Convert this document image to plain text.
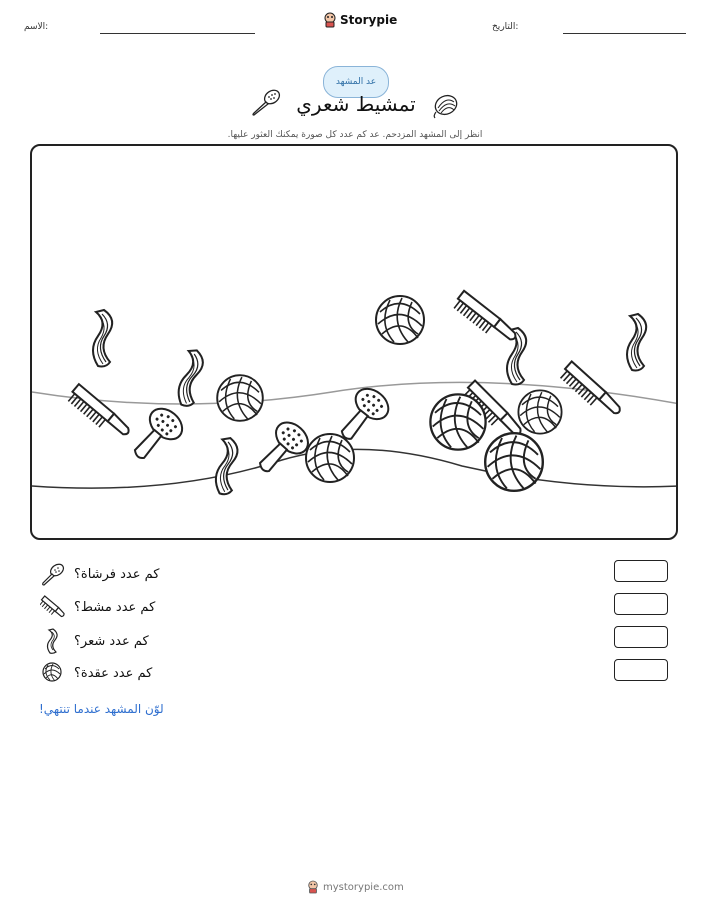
الاسم:	Storypie	التاريخ:
عد المشهد
تمشيط شعري
انظر إلى المشهد المزدحم. عد كم عدد كل صورة يمكنك العثور عليها.
كم عدد فرشاة؟
كم عدد مشط؟
كم عدد شعر؟
كم عدد عقدة؟
لوّن المشهد عندما تنتهي!
mystorypie.com
